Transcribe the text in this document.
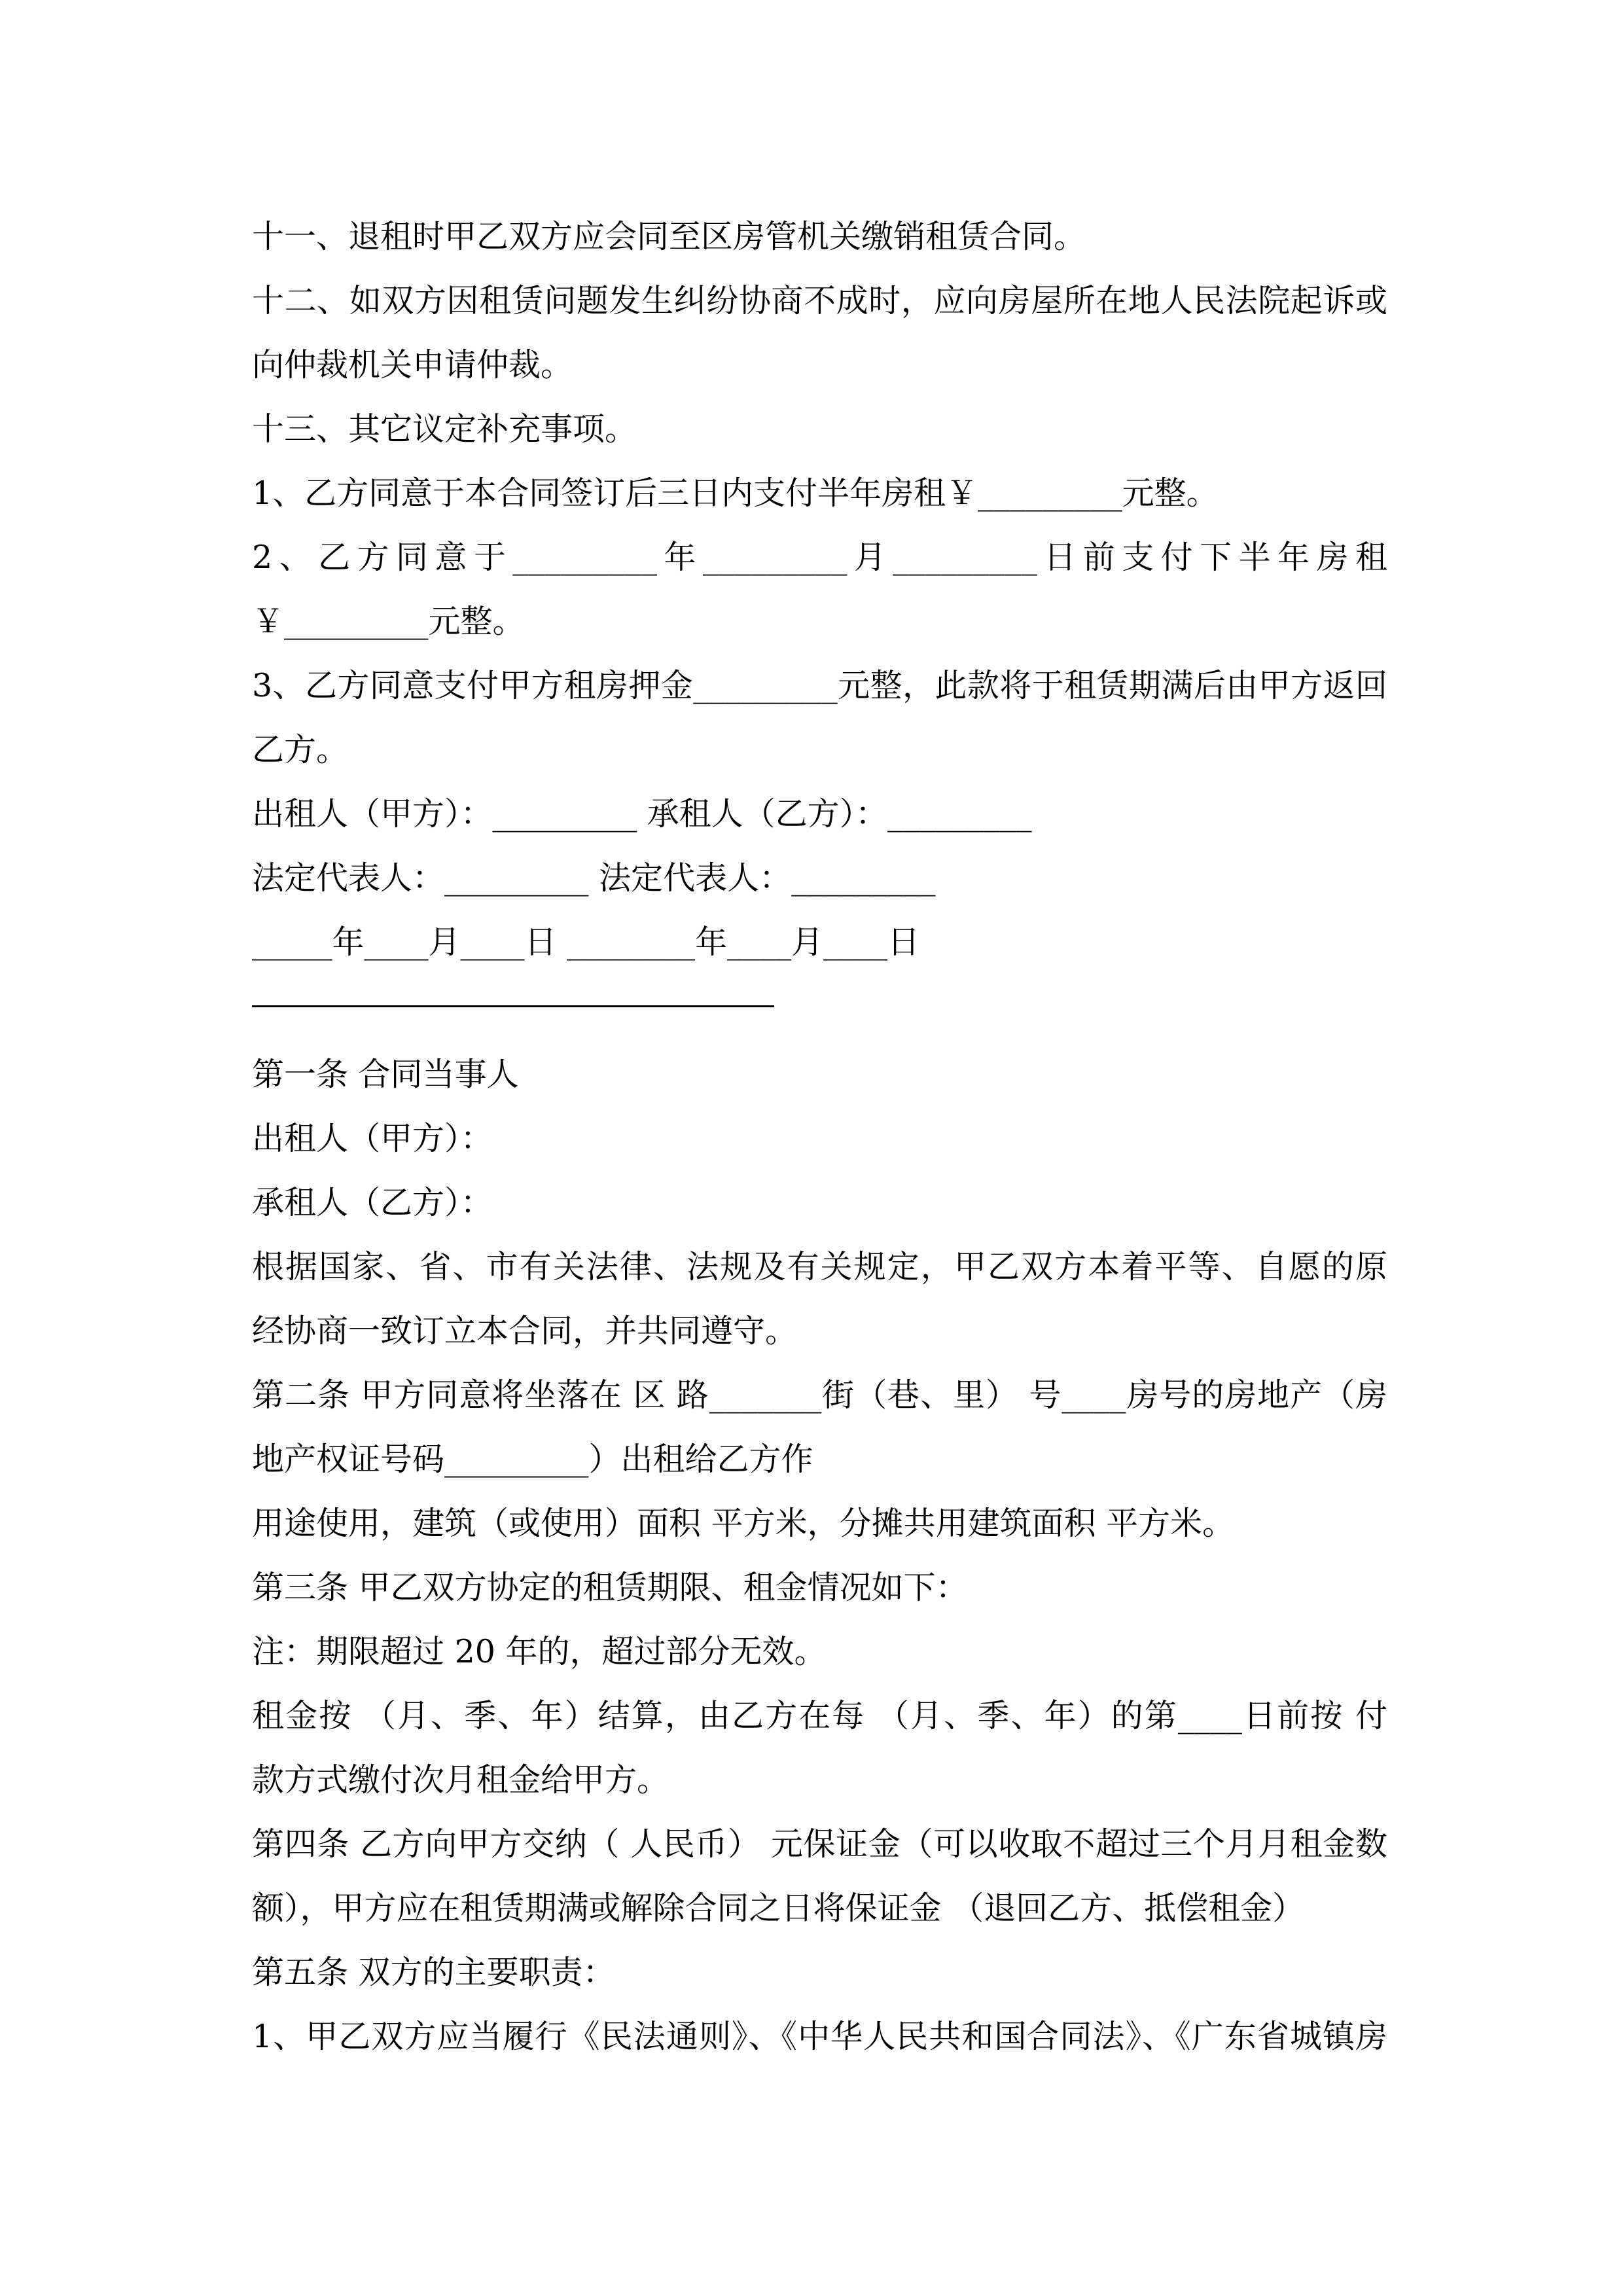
十一、退租时甲乙双方应会同至区房管机关缴销租赁合同。
十二、如双方因租赁问题发生纠纷协商不成时，应向房屋所在地人民法院起诉或
向仲裁机关申请仲裁。
十三、其它议定补充事项。
1、乙方同意于本合同签订后三日内支付半年房租￥_________元整。
2、乙方同意于_________年_________月_________日前支付下半年房租
￥_________元整。
3、乙方同意支付甲方租房押金_________元整，此款将于租赁期满后由甲方返回
乙方。
出租人（甲方）：_________ 承租人（乙方）：_________
法定代表人：_________ 法定代表人：_________
_____年____月____日 ________年____月____日
第一条 合同当事人
出租人（甲方）：
承租人（乙方）：
根据国家、省、市有关法律、法规及有关规定，甲乙双方本着平等、自愿的原
经协商一致订立本合同，并共同遵守。
第二条 甲方同意将坐落在 区 路_______街（巷、里） 号____房号的房地产（房
地产权证号码_________）出租给乙方作
用途使用，建筑（或使用）面积 平方米，分摊共用建筑面积 平方米。
第三条 甲乙双方协定的租赁期限、租金情况如下：
注：期限超过 20 年的，超过部分无效。
租金按 （月、季、年）结算，由乙方在每 （月、季、年）的第____日前按 付
款方式缴付次月租金给甲方。
第四条 乙方向甲方交纳（ 人民币） 元保证金（可以收取不超过三个月月租金数
额），甲方应在租赁期满或解除合同之日将保证金 （退回乙方、抵偿租金）
第五条 双方的主要职责：
1、甲乙双方应当履行《民法通则》、《中华人民共和国合同法》、《广东省城镇房
